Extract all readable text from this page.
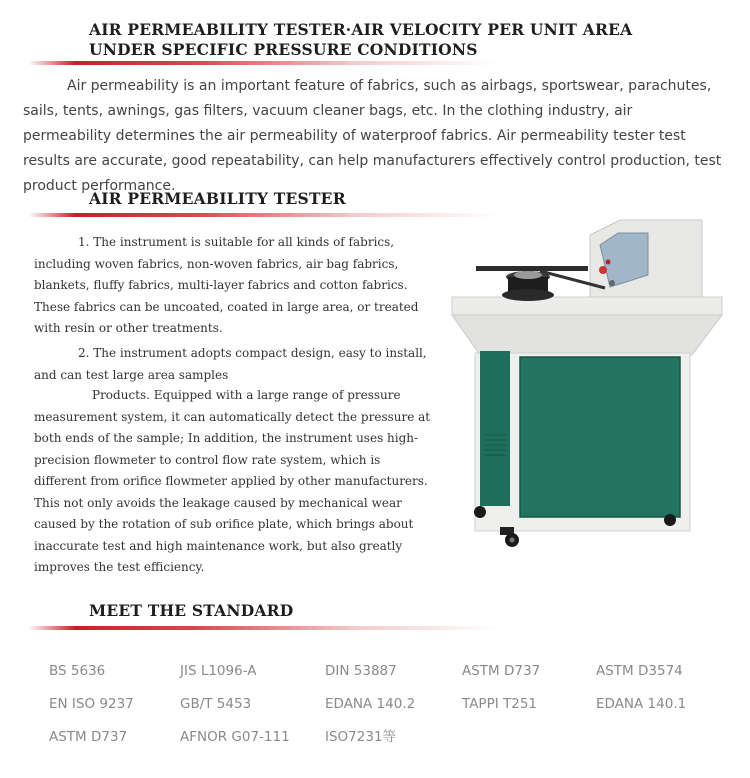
AIR PERMEABILITY TESTER·AIR VELOCITY PER UNIT AREA
UNDER SPECIFIC PRESSURE CONDITIONS

Air permeability is an important feature of fabrics, such as airbags, sportswear, parachutes, sails, tents, awnings, gas filters, vacuum cleaner bags, etc. In the clothing industry, air permeability determines the air permeability of waterproof fabrics. Air permeability tester test results are accurate, good repeatability, can help manufacturers effectively control production, test product performance.

AIR PERMEABILITY TESTER

1. The instrument is suitable for all kinds of fabrics, including woven fabrics, non-woven fabrics, air bag fabrics, blankets, fluffy fabrics, multi-layer fabrics and cotton fabrics. These fabrics can be uncoated, coated in large area, or treated with resin or other treatments.

2. The instrument adopts compact design, easy to install, and can test large area samples

Products. Equipped with a large range of pressure measurement system, it can automatically detect the pressure at both ends of the sample; In addition, the instrument uses high-precision flowmeter to control flow rate system, which is different from orifice flowmeter applied by other manufacturers. This not only avoids the leakage caused by mechanical wear caused by the rotation of sub orifice plate, which brings about inaccurate test and high maintenance work, but also greatly improves the test efficiency.

MEET THE STANDARD
BS 5636	JIS L1096-A	DIN 53887	ASTM D737	ASTM D3574
EN ISO 9237	GB/T 5453	EDANA 140.2	TAPPI T251	EDANA 140.1
ASTM D737	AFNOR G07-111	ISO7231等
